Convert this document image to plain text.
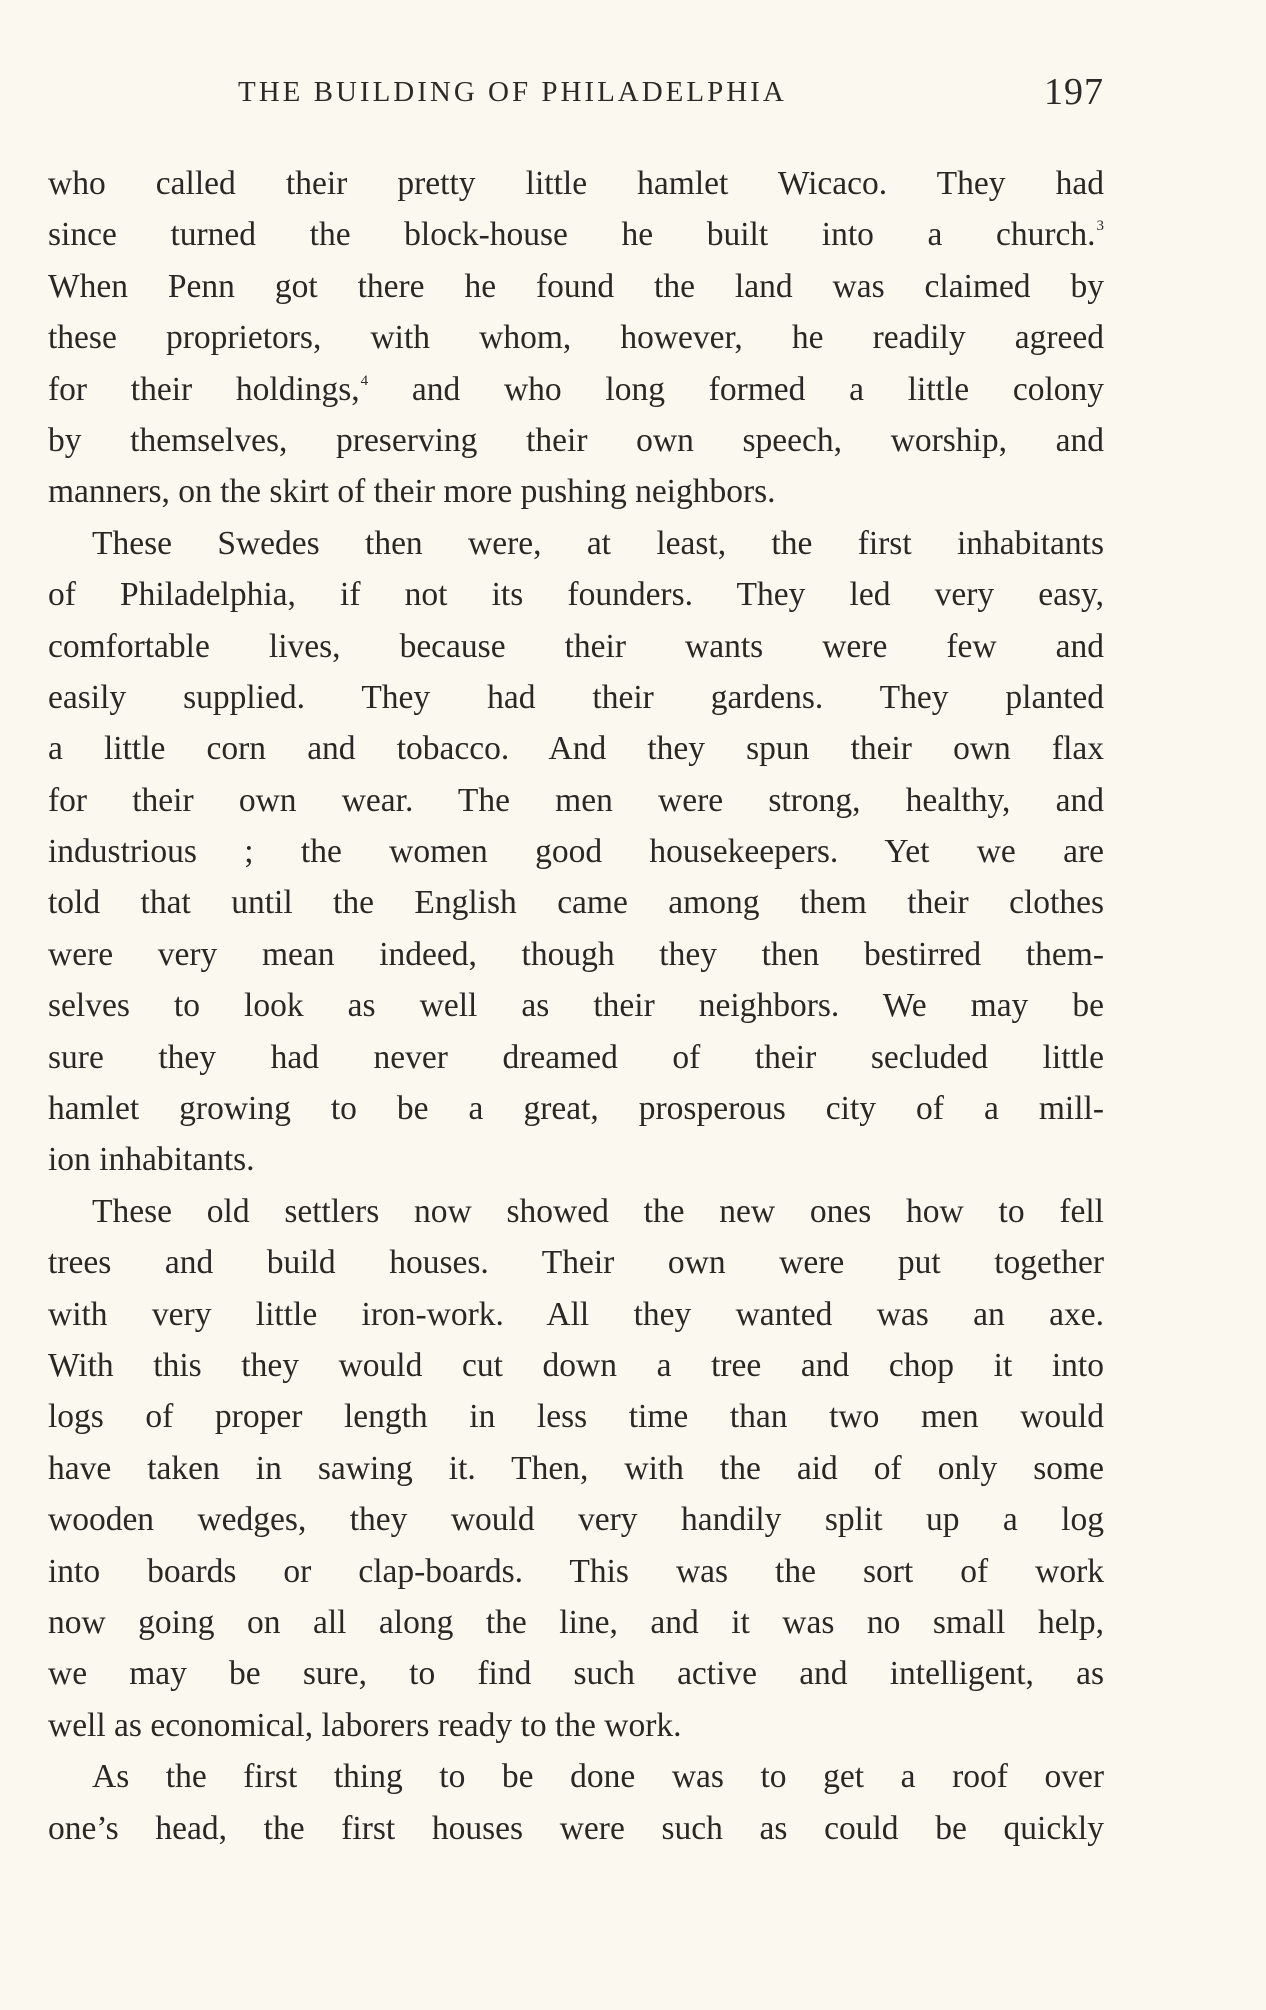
THE BUILDING OF PHILADELPHIA	197
who called their pretty little hamlet Wicaco. They had
since turned the block-house he built into a church.$^3$
When Penn got there he found the land was claimed by
these proprietors, with whom, however, he readily agreed
for their holdings,$^4$ and who long formed a little colony
by themselves, preserving their own speech, worship, and
manners, on the skirt of their more pushing neighbors.
These Swedes then were, at least, the first inhabitants
of Philadelphia, if not its founders. They led very easy,
comfortable lives, because their wants were few and
easily supplied. They had their gardens. They planted
a little corn and tobacco. And they spun their own flax
for their own wear. The men were strong, healthy, and
industrious ; the women good housekeepers. Yet we are
told that until the English came among them their clothes
were very mean indeed, though they then bestirred them-
selves to look as well as their neighbors. We may be
sure they had never dreamed of their secluded little
hamlet growing to be a great, prosperous city of a mill-
ion inhabitants.
These old settlers now showed the new ones how to fell
trees and build houses. Their own were put together
with very little iron-work. All they wanted was an axe.
With this they would cut down a tree and chop it into
logs of proper length in less time than two men would
have taken in sawing it. Then, with the aid of only some
wooden wedges, they would very handily split up a log
into boards or clap-boards. This was the sort of work
now going on all along the line, and it was no small help,
we may be sure, to find such active and intelligent, as
well as economical, laborers ready to the work.
As the first thing to be done was to get a roof over
one’s head, the first houses were such as could be quickly
